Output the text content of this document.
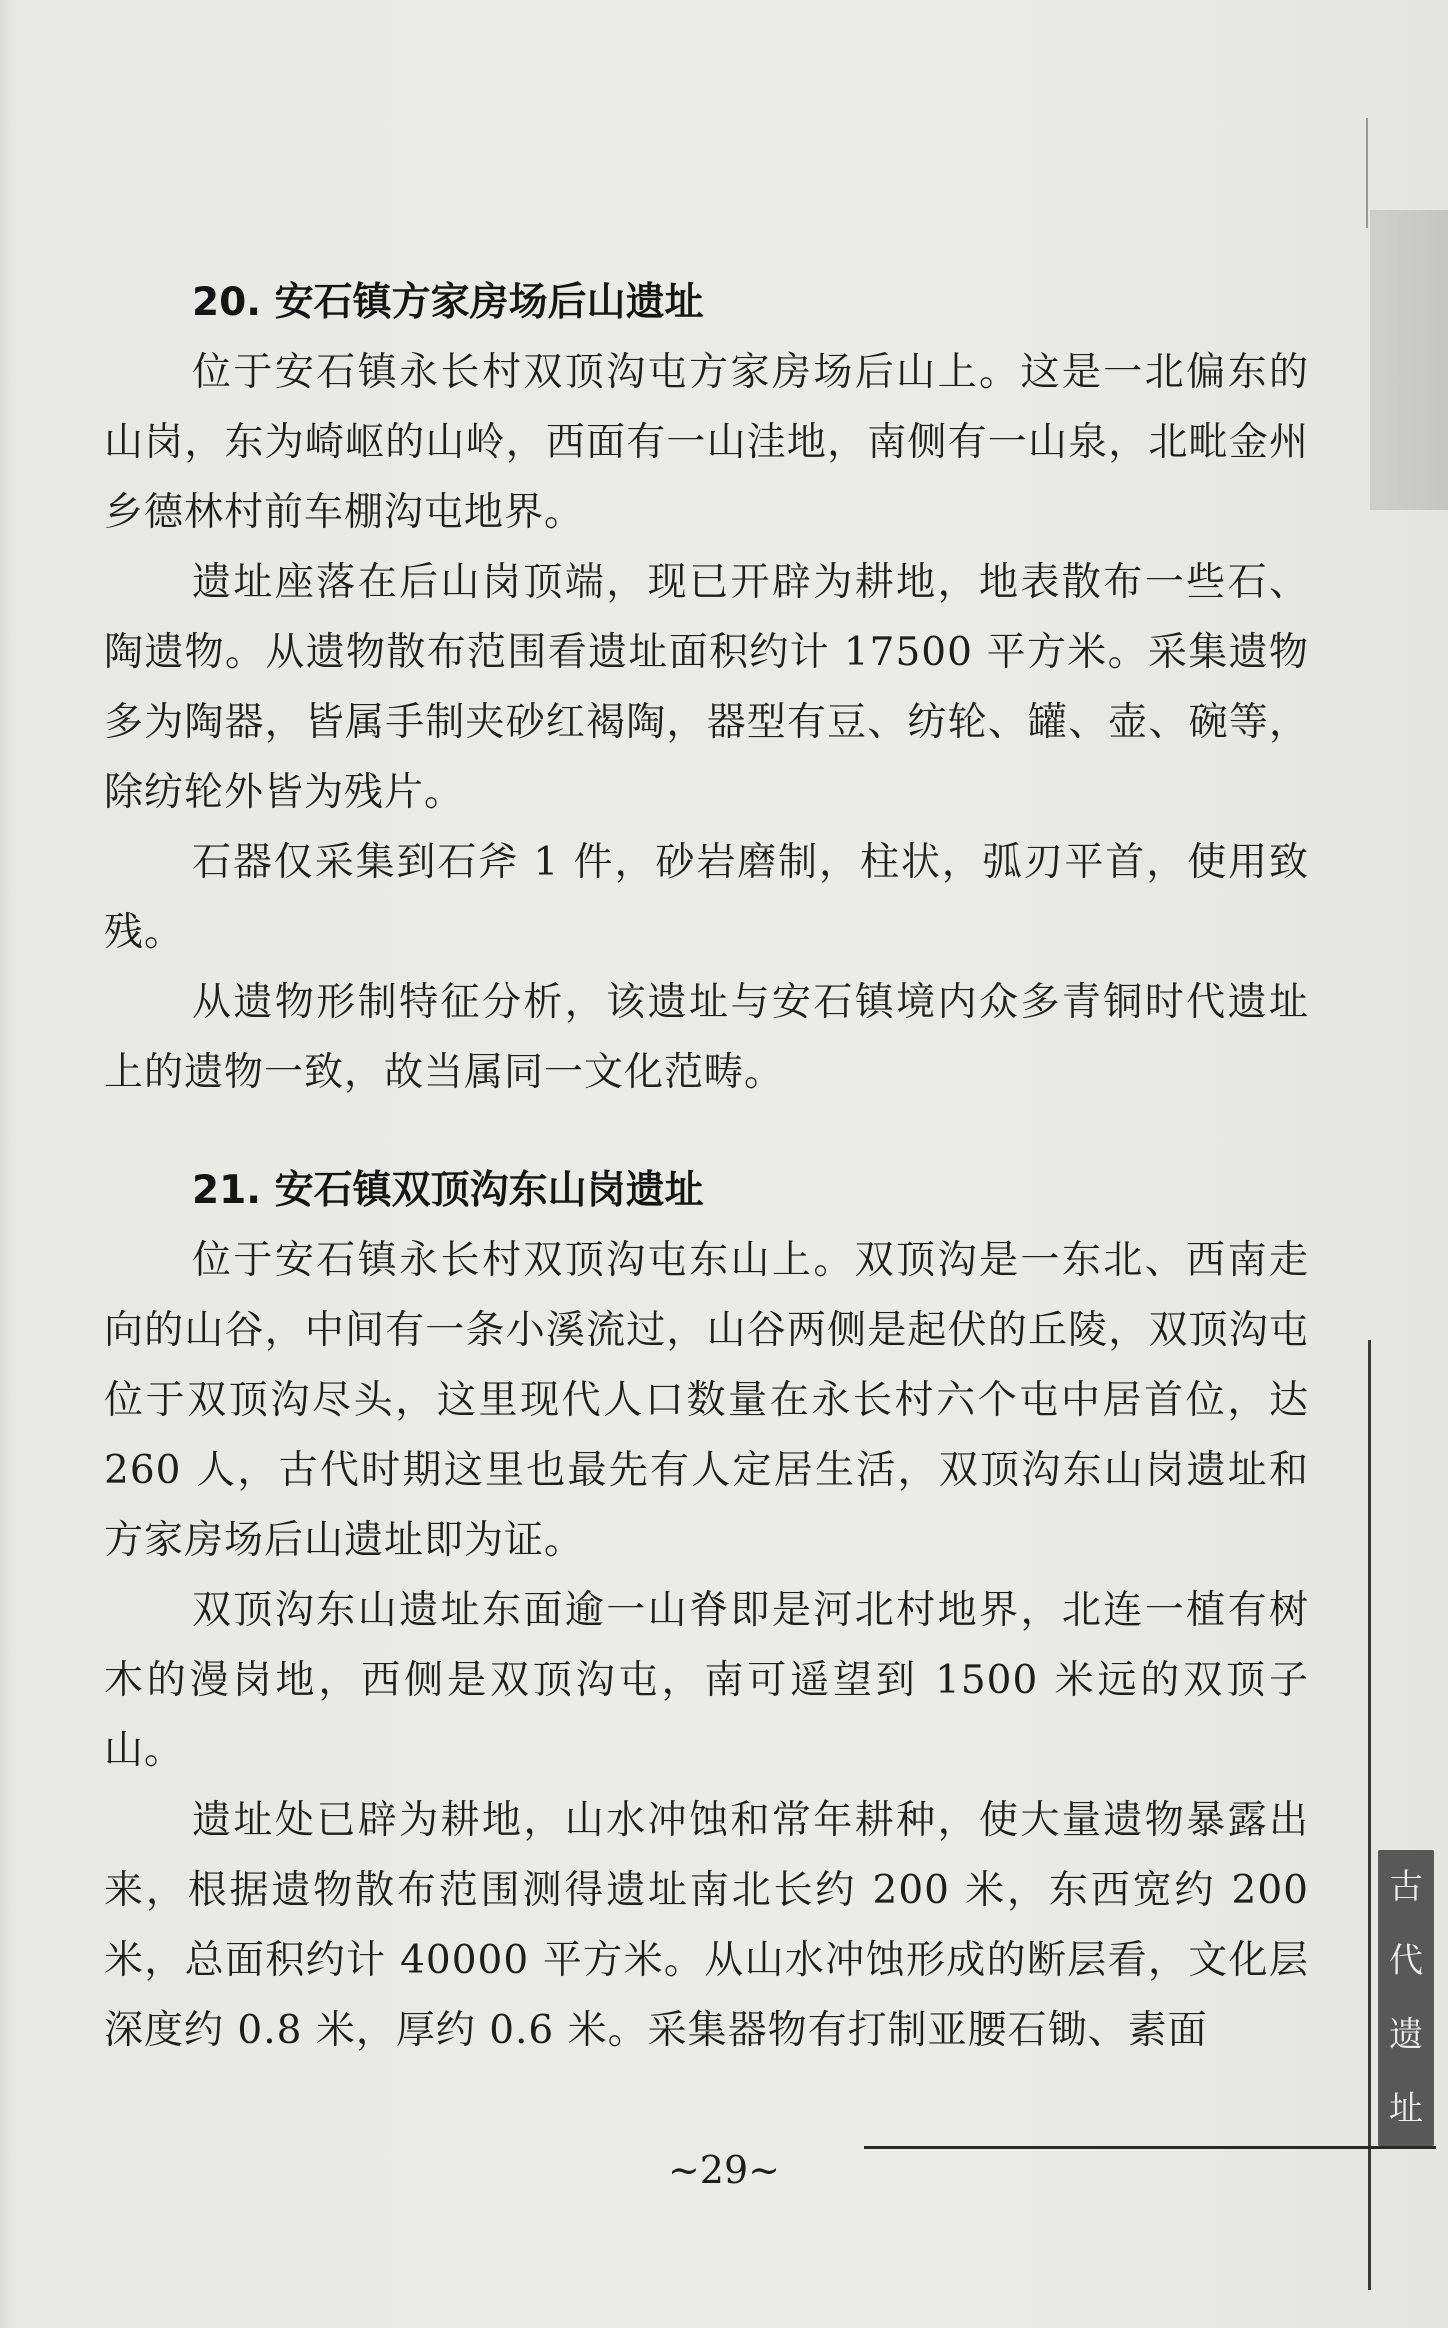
20. 安石镇方家房场后山遗址

位于安石镇永长村双顶沟屯方家房场后山上。这是一北偏东的山岗，东为崎岖的山岭，西面有一山洼地，南侧有一山泉，北毗金州乡德林村前车棚沟屯地界。

遗址座落在后山岗顶端，现已开辟为耕地，地表散布一些石、陶遗物。从遗物散布范围看遗址面积约计 17500 平方米。采集遗物多为陶器，皆属手制夹砂红褐陶，器型有豆、纺轮、罐、壶、碗等，除纺轮外皆为残片。

石器仅采集到石斧 1 件，砂岩磨制，柱状，弧刃平首，使用致残。

从遗物形制特征分析，该遗址与安石镇境内众多青铜时代遗址上的遗物一致，故当属同一文化范畴。

21. 安石镇双顶沟东山岗遗址

位于安石镇永长村双顶沟屯东山上。双顶沟是一东北、西南走向的山谷，中间有一条小溪流过，山谷两侧是起伏的丘陵，双顶沟屯位于双顶沟尽头，这里现代人口数量在永长村六个屯中居首位，达 260 人，古代时期这里也最先有人定居生活，双顶沟东山岗遗址和方家房场后山遗址即为证。

双顶沟东山遗址东面逾一山脊即是河北村地界，北连一植有树木的漫岗地，西侧是双顶沟屯，南可遥望到 1500 米远的双顶子山。

遗址处已辟为耕地，山水冲蚀和常年耕种，使大量遗物暴露出来，根据遗物散布范围测得遗址南北长约 200 米，东西宽约 200 米，总面积约计 40000 平方米。从山水冲蚀形成的断层看，文化层深度约 0.8 米，厚约 0.6 米。采集器物有打制亚腰石锄、素面

~29~
古
代
遗
址
